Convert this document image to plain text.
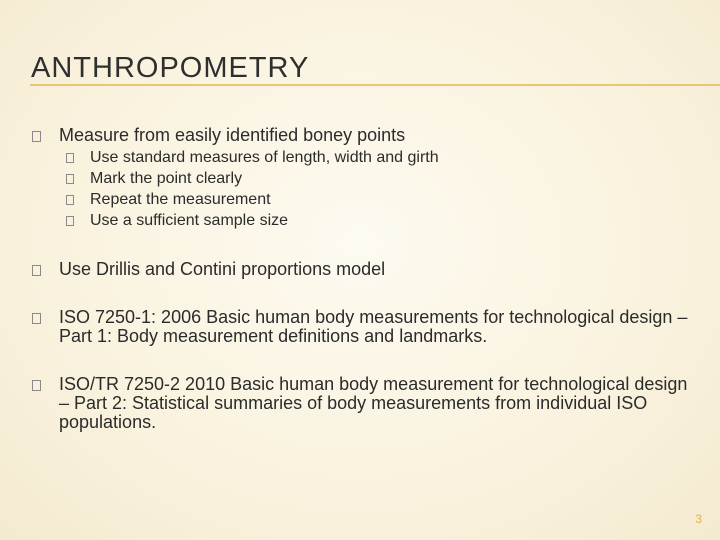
ANTHROPOMETRY
Measure from easily identified boney points
Use standard measures of length, width and girth
Mark the point clearly
Repeat the measurement
Use a sufficient sample size
Use Drillis and Contini proportions model
ISO 7250-1: 2006 Basic human body measurements for technological design – Part 1: Body measurement definitions and landmarks.
ISO/TR 7250-2 2010 Basic human body measurement for technological design – Part 2: Statistical summaries of body measurements from individual ISO populations.
3
